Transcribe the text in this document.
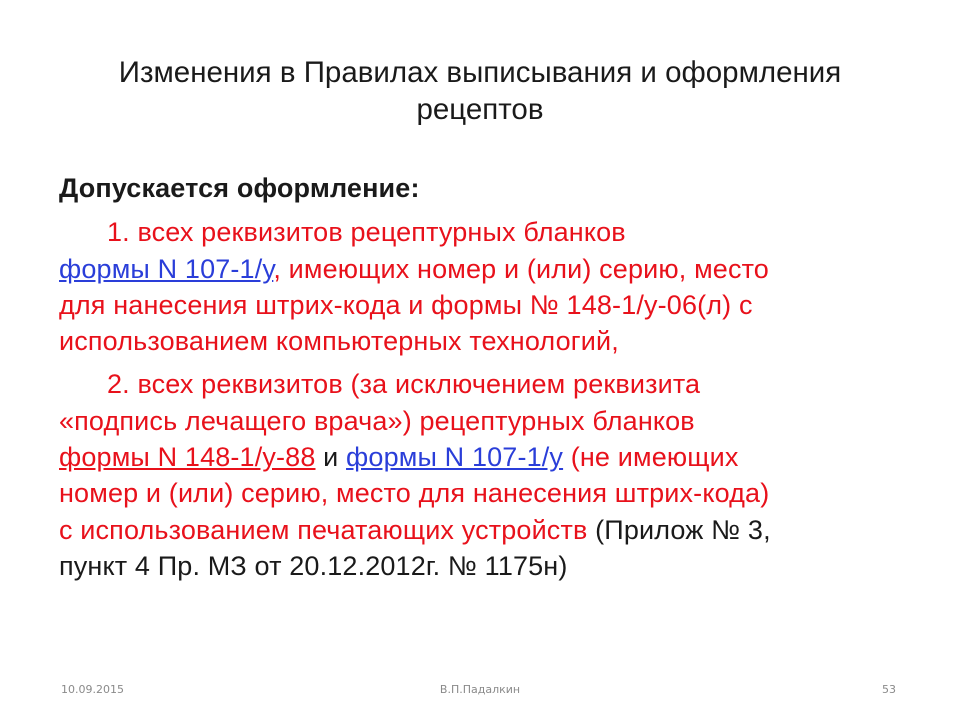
Изменения в Правилах выписывания и оформления
рецептов
Допускается оформление:
1. всех реквизитов рецептурных бланков
формы N 107-1/у, имеющих номер и (или) серию, место
для нанесения штрих-кода и формы № 148-1/у-06(л) с
использованием компьютерных технологий,
2. всех реквизитов (за исключением реквизита
«подпись лечащего врача») рецептурных бланков
формы N 148-1/у-88 и формы N 107-1/у (не имеющих
номер и (или) серию, место для нанесения штрих-кода)
с использованием печатающих устройств (Прилож № 3,
пункт 4 Пр. МЗ от 20.12.2012г. № 1175н)
10.09.2015	В.П.Падалкин	53
